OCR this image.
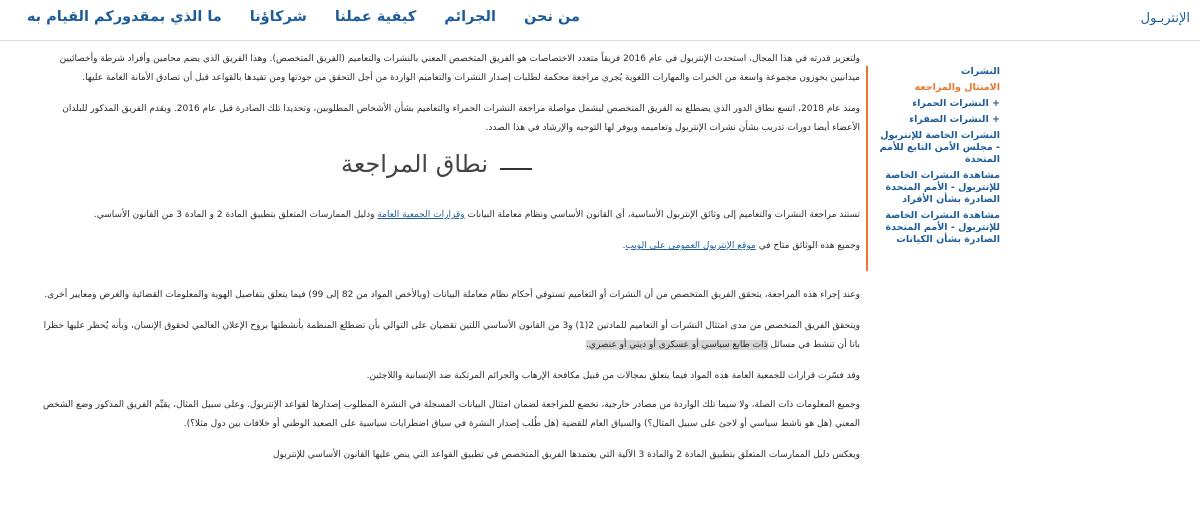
الإنتربـول
من نحن
الجرائم
كيفية عملنا
شركاؤنا
ما الذي بمقدوركم القيام به
النشرات
الامتثال والمراجعة
+ النشرات الحمراء
+ النشرات الصفراء
النشرات الخاصة للإنتربول - مجلس الأمن التابع للأمم المتحدة
مشاهدة النشرات الخاصة للإنتربول - الأمم المتحدة الصادرة بشأن الأفراد
مشاهدة النشرات الخاصة للإنتربول - الأمم المتحدة الصادرة بشأن الكيانات

ولتعزيز قدرته في هذا المجال، استحدث الإنتربول في عام 2016 فريقاً متعدد الاختصاصات هو الفريق المتخصص المعني بالنشرات والتعاميم (الفريق المتخصص). وهذا الفريق الذي يضم محامين وأفراد شرطة وأخصائيين ميدانيين يحوزون مجموعة واسعة من الخبرات والمهارات اللغوية يُجري مراجعة محكمة لطلبات إصدار النشرات والتعاميم الواردة من أجل التحقق من جودتها ومن تقيدها بالقواعد قبل أن تصادق الأمانة العامة عليها.

ومنذ عام 2018، اتسع نطاق الدور الذي يضطلع به الفريق المتخصص ليشمل مواصلة مراجعة النشرات الحمراء والتعاميم بشأن الأشخاص المطلوبين، وتحديدا تلك الصادرة قبل عام 2016. ويقدم الفريق المذكور للبلدان الأعضاء أيضا دورات تدريب بشأن نشرات الإنتربول وتعاميمه ويوفر لها التوجيه والإرشاد في هذا الصدد.

نطاق المراجعة

تستند مراجعة النشرات والتعاميم إلى وثائق الإنتربول الأساسية، أي القانون الأساسي ونظام معاملة البيانات وقرارات الجمعية العامة ودليل الممارسات المتعلق بتطبيق المادة 2 و المادة 3 من القانون الأساسي.

وجميع هذه الوثائق متاح في موقع الإنتربول العمومي على الويب.

وعند إجراء هذه المراجعة، يتحقق الفريق المتخصص من أن النشرات أو التعاميم تستوفي أحكام نظام معاملة البيانات (وبالأخص المواد من 82 إلى 99) فيما يتعلق بتفاصيل الهوية والمعلومات القضائية والغرض ومعايير أخرى.

ويتحقق الفريق المتخصص من مدى امتثال النشرات أو التعاميم للمادتين 2(1) و3 من القانون الأساسي اللتين تقضيان على التوالي بأن تضطلع المنظمة بأنشطتها بروح الإعلان العالمي لحقوق الإنسان، وبأنه يُحظر عليها حظرا باتا أن تنشط في مسائل ذات طابع سياسي أو عسكري أو ديني أو عنصري.

وقد فسّرت قرارات للجمعية العامة هذه المواد فيما يتعلق بمجالات من قبيل مكافحة الإرهاب والجرائم المرتكبة ضد الإنسانية واللاجئين.

وجميع المعلومات ذات الصلة، ولا سيما تلك الواردة من مصادر خارجية، تخضع للمراجعة لضمان امتثال البيانات المسجلة في النشرة المطلوب إصدارها لقواعد الإنتربول. وعلى سبيل المثال، يقيِّم الفريق المذكور وضع الشخص المعني (هل هو ناشط سياسي أو لاجئ على سبيل المثال؟) والسياق العام للقضية (هل طُلب إصدار النشرة في سياق اضطرابات سياسية على الصعيد الوطني أو خلافات بين دول مثلا؟).

ويعكس دليل الممارسات المتعلق بتطبيق المادة 2 والمادة 3 الآلية التي يعتمدها الفريق المتخصص في تطبيق القواعد التي ينص عليها القانون الأساسي للإنتربول
